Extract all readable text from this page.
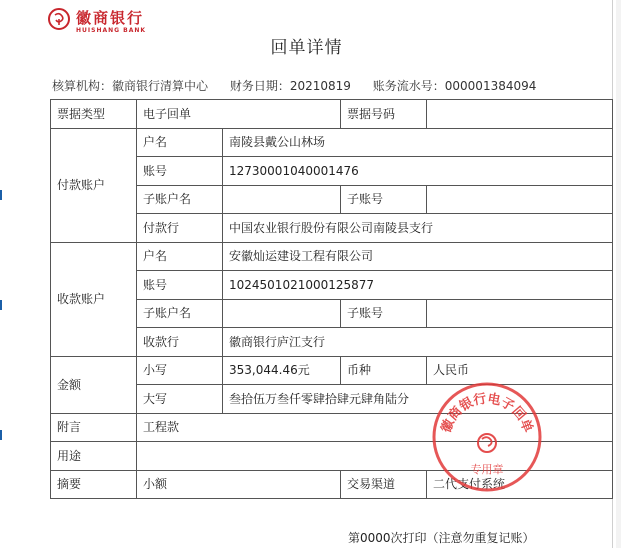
徽商银行
HUISHANG BANK
回单详情
核算机构：徽商银行清算中心 财务日期：20210819 账务流水号：000001384094
票据类型	电子回单		票据号码	
付款账户	户名	南陵县戴公山林场		
	账号	12730001040001476		
	子账户名		子账号	
	付款行	中国农业银行股份有限公司南陵县支行		
收款账户	户名	安徽灿运建设工程有限公司		
	账号	1024501021000125877		
	子账户名		子账号	
	收款行	徽商银行庐江支行		
金额	小写	353,044.46元	币种	人民币
	大写	叁拾伍万叁仟零肆拾肆元肆角陆分		
附言	工程款			
用途				
摘要	小额		交易渠道	二代支付系统
徽商银行电子回单
专用章
第0000次打印（注意勿重复记账）
